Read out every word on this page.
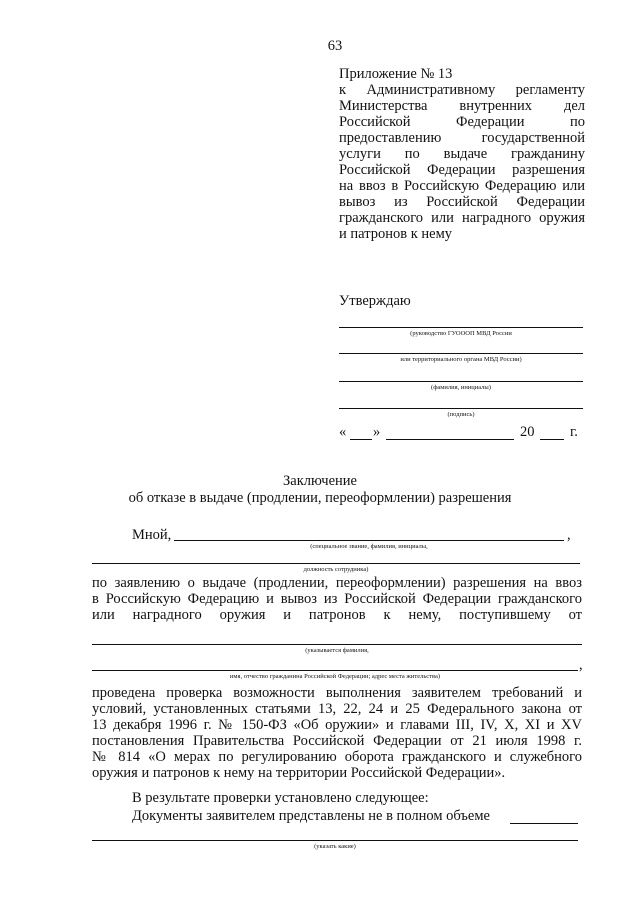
63
Приложение № 13
к Административному регламенту
Министерства внутренних дел
Российской Федерации по
предоставлению государственной
услуги по выдаче гражданину
Российской Федерации разрешения
на ввоз в Российскую Федерацию или
вывоз из Российской Федерации
гражданского или наградного оружия
и патронов к нему
Утверждаю
(руководство ГУОООП МВД России
или территориального органа МВД России)
(фамилия, инициалы)
(подпись)
« »	20 г.
Заключение
об отказе в выдаче (продлении, переоформлении) разрешения
Мной,	,
(специальное звание, фамилия, инициалы,
должность сотрудника)
по заявлению о выдаче (продлении, переоформлении) разрешения на ввоз
в Российскую Федерацию и вывоз из Российской Федерации гражданского
или наградного оружия и патронов к нему, поступившему от
(указывается фамилия,
,
имя, отчество гражданина Российской Федерации; адрес места жительства)
проведена проверка возможности выполнения заявителем требований и
условий, установленных статьями 13, 22, 24 и 25 Федерального закона от
13 декабря 1996 г. № 150-ФЗ «Об оружии» и главами III, IV, X, XI и XV
постановления Правительства Российской Федерации от 21 июля 1998 г.
№ 814 «О мерах по регулированию оборота гражданского и служебного
оружия и патронов к нему на территории Российской Федерации».
В результате проверки установлено следующее:
Документы заявителем представлены не в полном объеме
(указать какие)
